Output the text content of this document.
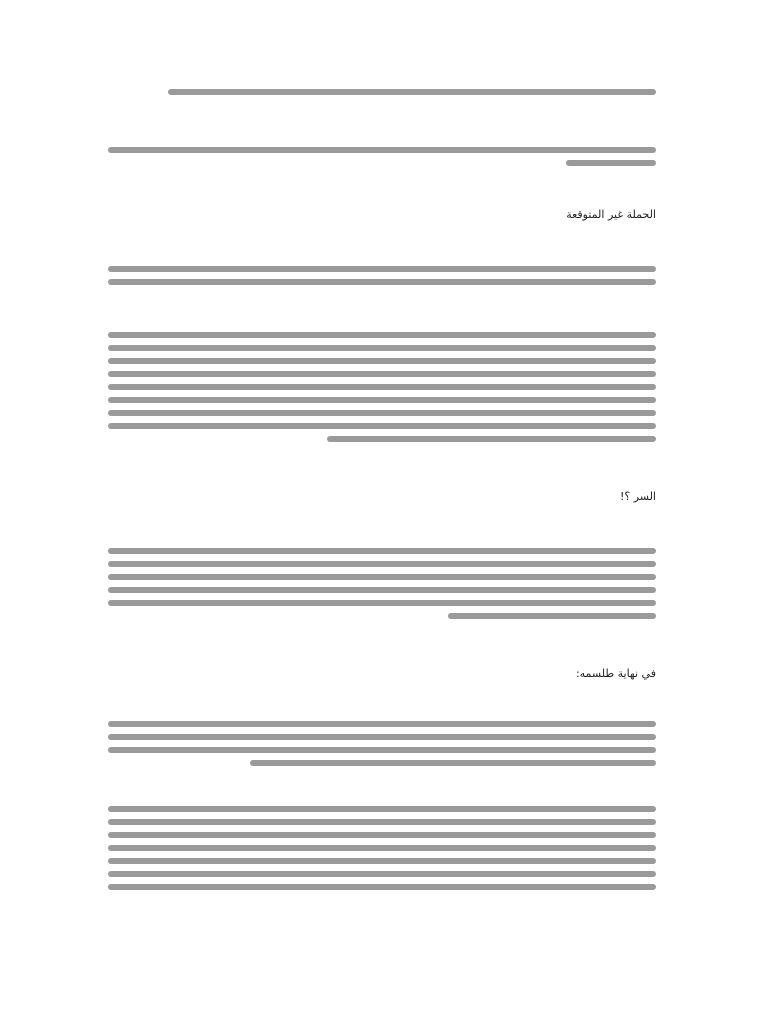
الحملة غير المتوقعة

السر ؟!

في نهاية طلسمه:
